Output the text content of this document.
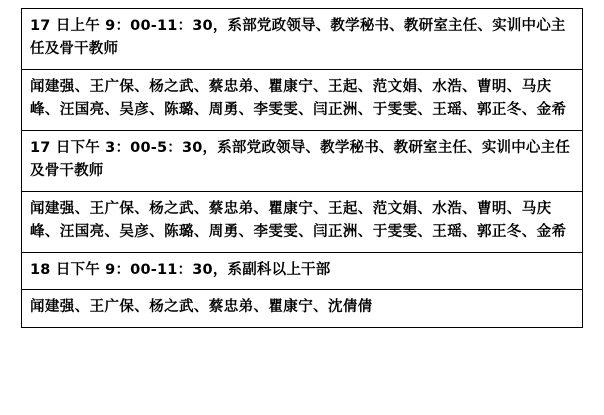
17 日上午 9：00-11：30，系部党政领导、教学秘书、教研室主任、实训中心主任及骨干教师
闻建强、王广保、杨之武、蔡忠弟、瞿康宁、王起、范文娟、水浩、曹明、马庆峰、汪国亮、吴彦、陈璐、周勇、李雯雯、闫正洲、于雯雯、王瑶、郭正冬、金希
17 日下午 3：00-5：30，系部党政领导、教学秘书、教研室主任、实训中心主任及骨干教师
闻建强、王广保、杨之武、蔡忠弟、瞿康宁、王起、范文娟、水浩、曹明、马庆峰、汪国亮、吴彦、陈璐、周勇、李雯雯、闫正洲、于雯雯、王瑶、郭正冬、金希
18 日下午 9：00-11：30，系副科以上干部
闻建强、王广保、杨之武、蔡忠弟、瞿康宁、沈倩倩
